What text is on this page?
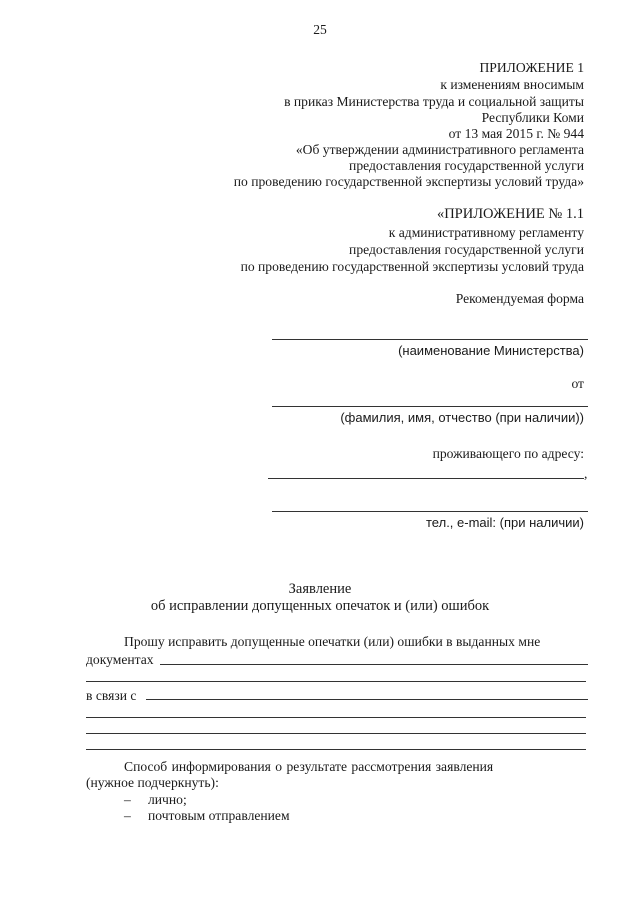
25
ПРИЛОЖЕНИЕ 1
к изменениям вносимым
в приказ Министерства труда и социальной защиты
Республики Коми
от 13 мая 2015 г. № 944
«Об утверждении административного регламента
предоставления государственной услуги
по проведению государственной экспертизы условий труда»
«ПРИЛОЖЕНИЕ № 1.1
к административному регламенту
предоставления государственной услуги
по проведению государственной экспертизы условий труда
Рекомендуемая форма
(наименование Министерства)
от
(фамилия, имя, отчество (при наличии))
проживающего по адресу:
,
тел., e-mail: (при наличии)
Заявление
об исправлении допущенных опечаток и (или) ошибок
Прошу исправить допущенные опечатки (или) ошибки в выданных мне
документах
в связи с
Способ информирования о результате рассмотрения заявления
(нужное подчеркнуть):
– лично;
– почтовым отправлением
